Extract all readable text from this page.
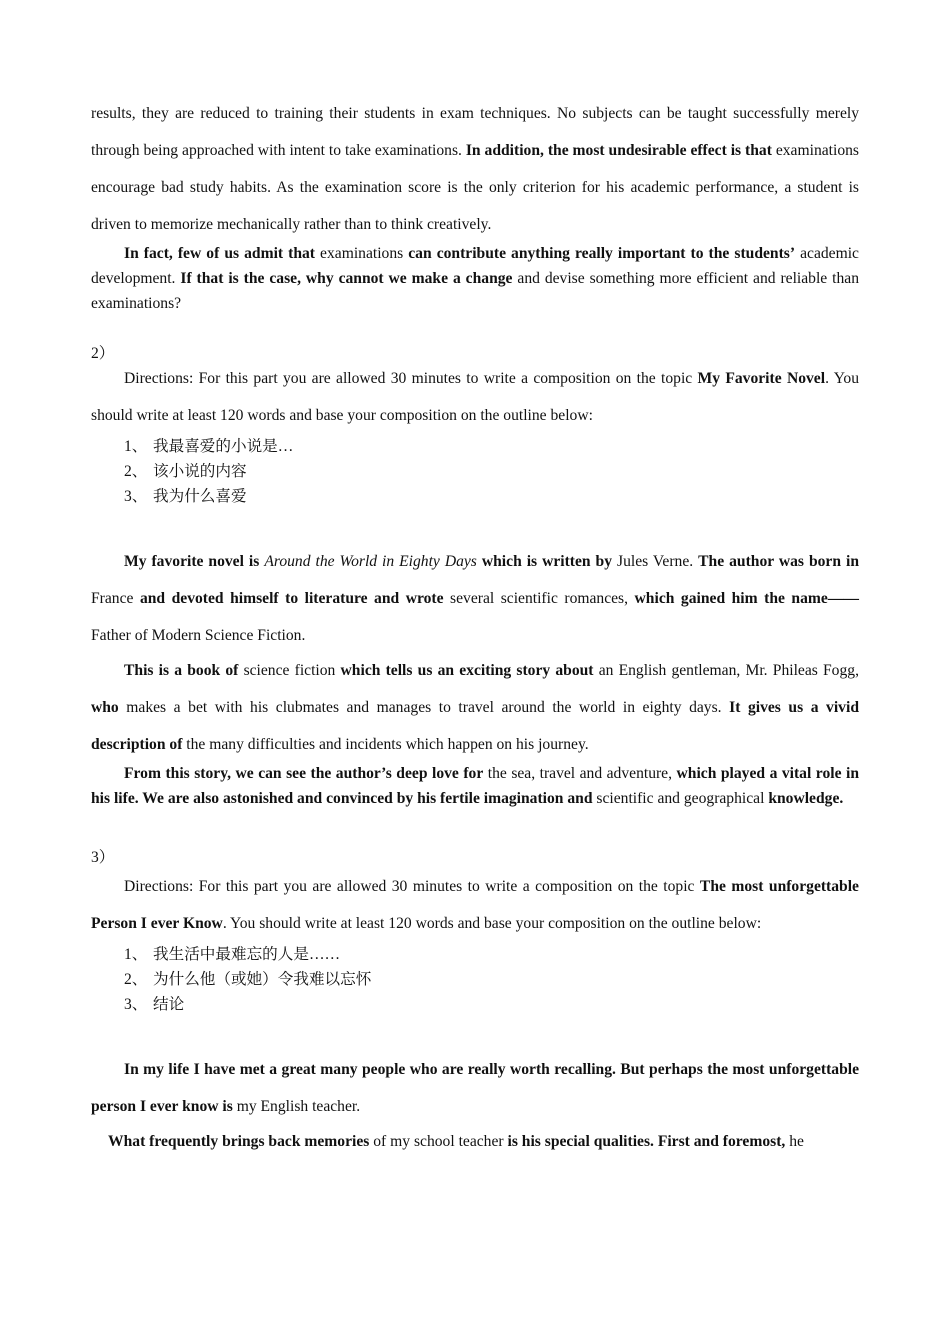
results, they are reduced to training their students in exam techniques. No subjects can be taught successfully merely through being approached with intent to take examinations. In addition, the most undesirable effect is that examinations encourage bad study habits. As the examination score is the only criterion for his academic performance, a student is driven to memorize mechanically rather than to think creatively.

In fact, few of us admit that examinations can contribute anything really important to the students’ academic development. If that is the case, why cannot we make a change and devise something more efficient and reliable than examinations?

2）

Directions: For this part you are allowed 30 minutes to write a composition on the topic My Favorite Novel. You should write at least 120 words and base your composition on the outline below:

1、 我最喜爱的小说是…
2、 该小说的内容
3、 我为什么喜爱

My favorite novel is Around the World in Eighty Days which is written by Jules Verne. The author was born in France and devoted himself to literature and wrote several scientific romances, which gained him the name——Father of Modern Science Fiction.

This is a book of science fiction which tells us an exciting story about an English gentleman, Mr. Phileas Fogg, who makes a bet with his clubmates and manages to travel around the world in eighty days. It gives us a vivid description of the many difficulties and incidents which happen on his journey.

From this story, we can see the author’s deep love for the sea, travel and adventure, which played a vital role in his life. We are also astonished and convinced by his fertile imagination and scientific and geographical knowledge.

3）

Directions: For this part you are allowed 30 minutes to write a composition on the topic The most unforgettable Person I ever Know. You should write at least 120 words and base your composition on the outline below:

1、 我生活中最难忘的人是……
2、 为什么他（或她）令我难以忘怀
3、 结论

In my life I have met a great many people who are really worth recalling. But perhaps the most unforgettable person I ever know is my English teacher.

What frequently brings back memories of my school teacher is his special qualities. First and foremost, he
